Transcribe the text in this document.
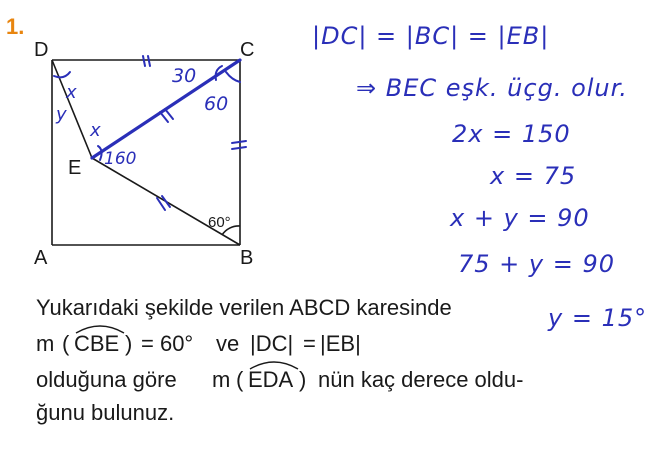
1.
60°
D	C
A	B
E
x
y
x
160
30
60
|DC| = |BC| = |EB|
⇒ BEC eşk. üçg. olur.
2x = 150
x = 75
x + y = 90
75 + y = 90
y = 15°
Yukarıdaki şekilde verilen ABCD karesinde
m ( CBE ) = 60° ve |DC| = |EB|
olduğuna göre m ( EDA ) nün kaç derece oldu-
ğunu bulunuz.
